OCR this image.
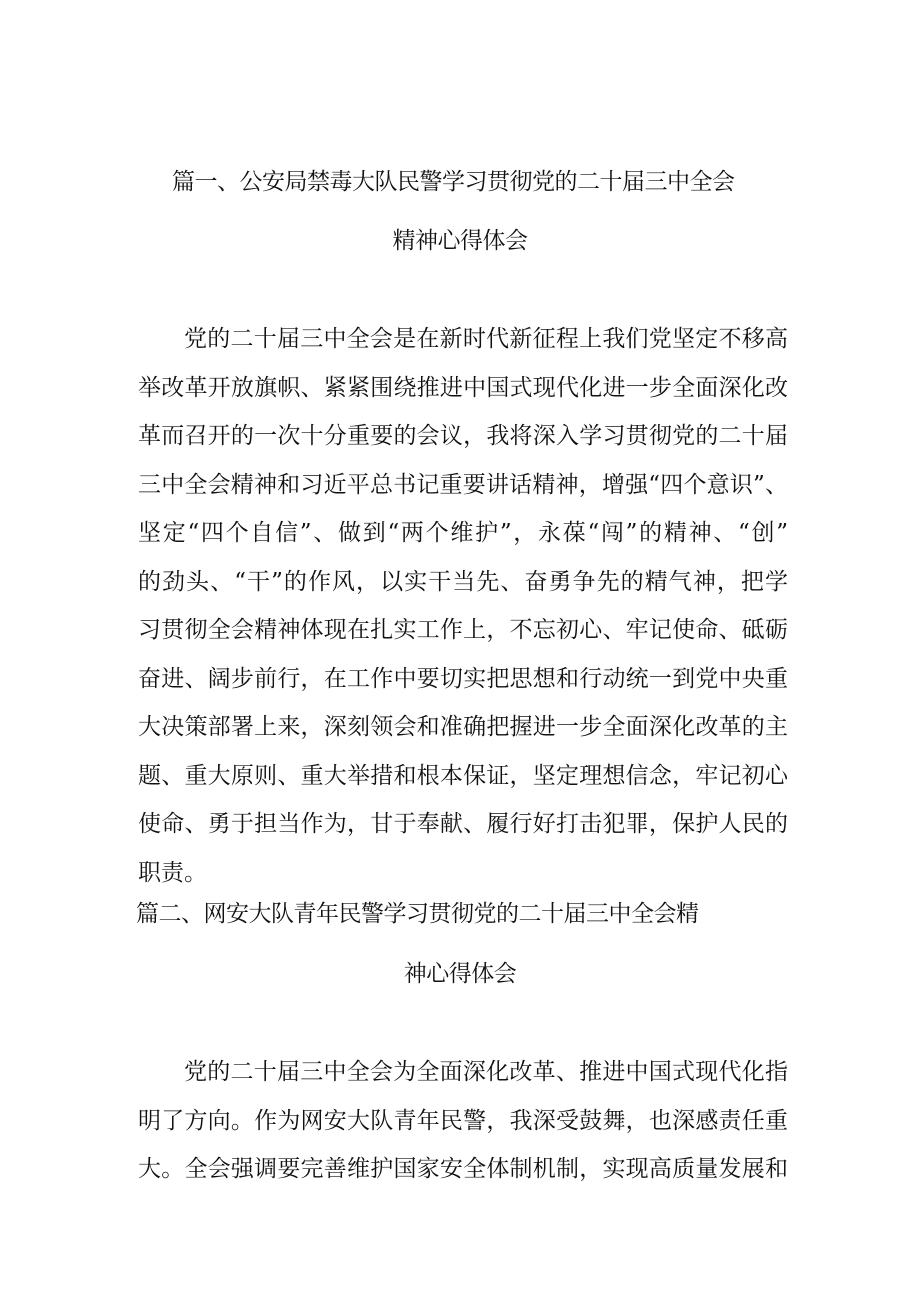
篇一、公安局禁毒大队民警学习贯彻党的二十届三中全会
精神心得体会
党的二十届三中全会是在新时代新征程上我们党坚定不移高
举改革开放旗帜、紧紧围绕推进中国式现代化进一步全面深化改
革而召开的一次十分重要的会议，我将深入学习贯彻党的二十届
三中全会精神和习近平总书记重要讲话精神，增强“四个意识”、
坚定“四个自信”、做到“两个维护”，永葆“闯”的精神、“创”
的劲头、“干”的作风，以实干当先、奋勇争先的精气神，把学
习贯彻全会精神体现在扎实工作上，不忘初心、牢记使命、砥砺
奋进、阔步前行，在工作中要切实把思想和行动统一到党中央重
大决策部署上来，深刻领会和准确把握进一步全面深化改革的主
题、重大原则、重大举措和根本保证，坚定理想信念，牢记初心
使命、勇于担当作为，甘于奉献、履行好打击犯罪，保护人民的
职责。
篇二、网安大队青年民警学习贯彻党的二十届三中全会精
神心得体会
党的二十届三中全会为全面深化改革、推进中国式现代化指
明了方向。作为网安大队青年民警，我深受鼓舞，也深感责任重
大。全会强调要完善维护国家安全体制机制，实现高质量发展和
